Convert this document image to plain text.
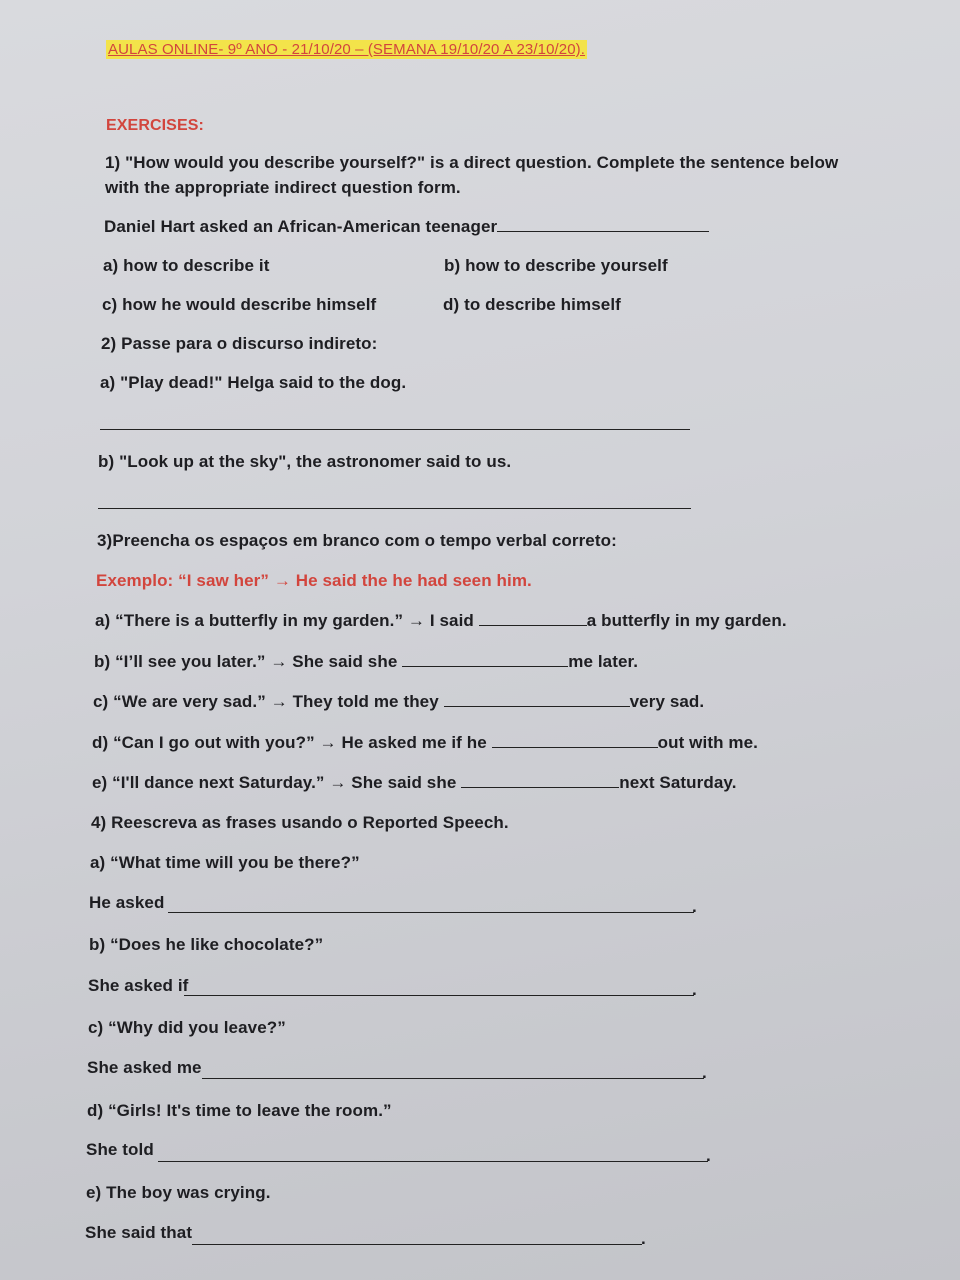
AULAS ONLINE- 9º ANO - 21/10/20 – (SEMANA 19/10/20 A 23/10/20).
EXERCISES:
1) "How would you describe yourself?" is a direct question. Complete the sentence below
with the appropriate indirect question form.
Daniel Hart asked an African-American teenager
a) how to describe it	b) how to describe yourself
c) how he would describe himself	d) to describe himself
2) Passe para o discurso indireto:
a) "Play dead!" Helga said to the dog.
b) "Look up at the sky", the astronomer said to us.
3)Preencha os espaços em branco com o tempo verbal correto:
Exemplo: “I saw her” → He said the he had seen him.
a) “There is a butterfly in my garden.” → I said	a butterfly in my garden.
b) “I’ll see you later.” → She said she	me later.
c) “We are very sad.” → They told me they	very sad.
d) “Can I go out with you?” → He asked me if he	out with me.
e) “I'll dance next Saturday.” → She said she	next Saturday.
4) Reescreva as frases usando o Reported Speech.
a) “What time will you be there?”
He asked	.
b) “Does he like chocolate?”
She asked if	.
c) “Why did you leave?”
She asked me	.
d) “Girls! It's time to leave the room.”
She told	.
e) The boy was crying.
She said that	.
